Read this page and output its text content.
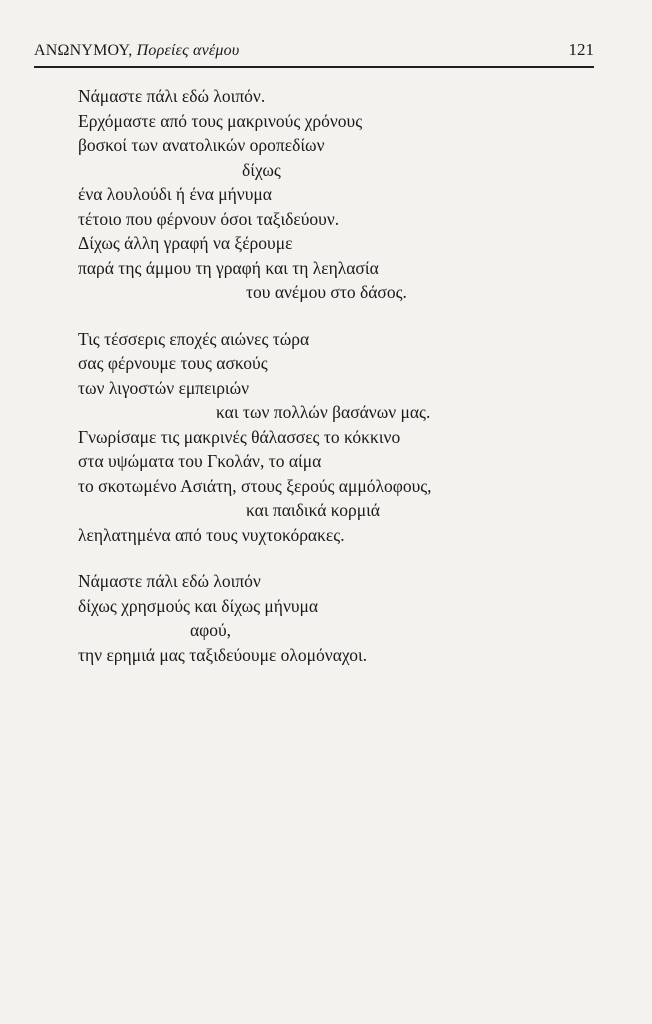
ΑΝΩΝΥΜΟΥ, Πορείες ανέμου	121
Νάμαστε πάλι εδώ λοιπόν.
Ερχόμαστε από τους μακρινούς χρόνους
βοσκοί των ανατολικών οροπεδίων
δίχως
ένα λουλούδι ή ένα μήνυμα
τέτοιο που φέρνουν όσοι ταξιδεύουν.
Δίχως άλλη γραφή να ξέρουμε
παρά της άμμου τη γραφή και τη λεηλασία
του ανέμου στο δάσος.
Τις τέσσερις εποχές αιώνες τώρα
σας φέρνουμε τους ασκούς
των λιγοστών εμπειριών
και των πολλών βασάνων μας.
Γνωρίσαμε τις μακρινές θάλασσες το κόκκινο
στα υψώματα του Γκολάν, το αίμα
το σκοτωμένο Ασιάτη, στους ξερούς αμμόλοφους,
και παιδικά κορμιά
λεηλατημένα από τους νυχτοκόρακες.
Νάμαστε πάλι εδώ λοιπόν
δίχως χρησμούς και δίχως μήνυμα
αφού,
την ερημιά μας ταξιδεύουμε ολομόναχοι.
